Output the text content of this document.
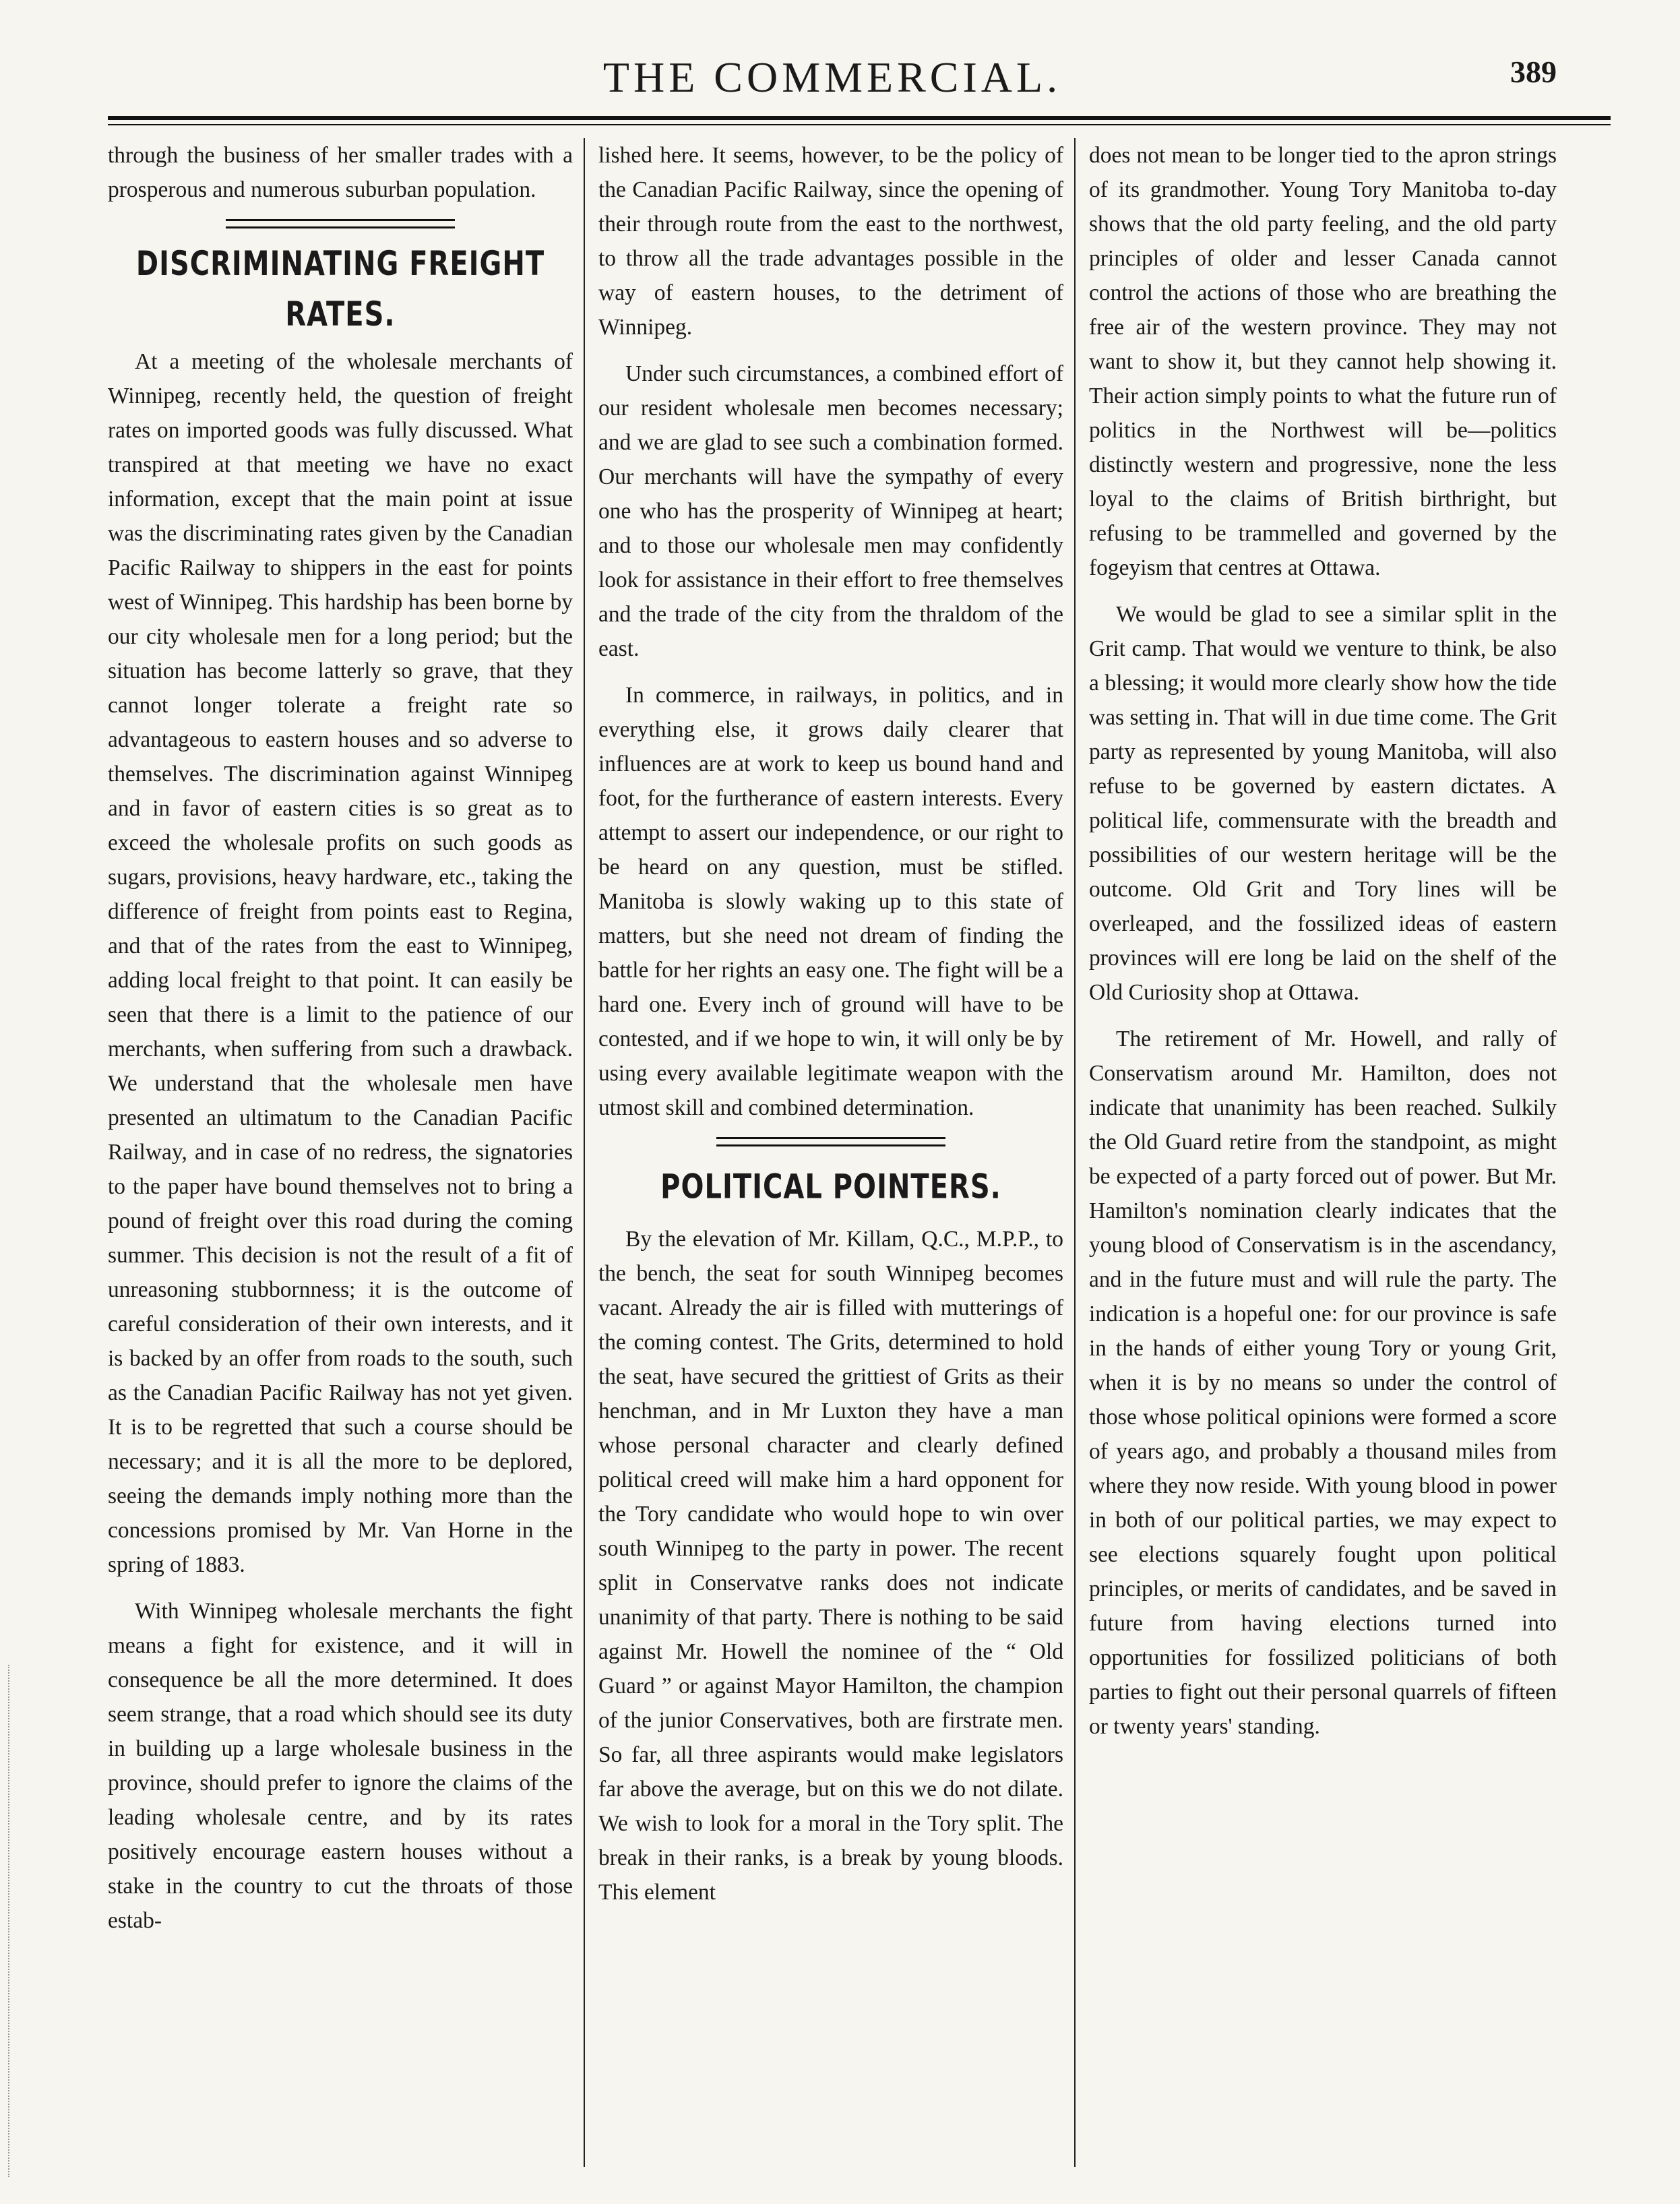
THE COMMERCIAL.	389

through the business of her smaller trades with a prosperous and numerous suburban population.

DISCRIMINATING FREIGHT RATES.

At a meeting of the wholesale merchants of Winnipeg, recently held, the question of freight rates on imported goods was fully discussed. What transpired at that meeting we have no exact information, except that the main point at issue was the discriminating rates given by the Canadian Pacific Railway to shippers in the east for points west of Winnipeg. This hardship has been borne by our city wholesale men for a long period; but the situation has become latterly so grave, that they cannot longer tolerate a freight rate so advantageous to eastern houses and so adverse to themselves. The discrimination against Winnipeg and in favor of eastern cities is so great as to exceed the wholesale profits on such goods as sugars, provisions, heavy hardware, etc., taking the difference of freight from points east to Regina, and that of the rates from the east to Winnipeg, adding local freight to that point. It can easily be seen that there is a limit to the patience of our merchants, when suffering from such a drawback. We understand that the wholesale men have presented an ultimatum to the Canadian Pacific Railway, and in case of no redress, the signatories to the paper have bound themselves not to bring a pound of freight over this road during the coming summer. This decision is not the result of a fit of unreasoning stubbornness; it is the outcome of careful consideration of their own interests, and it is backed by an offer from roads to the south, such as the Canadian Pacific Railway has not yet given. It is to be regretted that such a course should be necessary; and it is all the more to be deplored, seeing the demands imply nothing more than the concessions promised by Mr. Van Horne in the spring of 1883.

With Winnipeg wholesale merchants the fight means a fight for existence, and it will in consequence be all the more determined. It does seem strange, that a road which should see its duty in building up a large wholesale business in the province, should prefer to ignore the claims of the leading wholesale centre, and by its rates positively encourage eastern houses without a stake in the country to cut the throats of those estab-

lished here. It seems, however, to be the policy of the Canadian Pacific Railway, since the opening of their through route from the east to the northwest, to throw all the trade advantages possible in the way of eastern houses, to the detriment of Winnipeg.

Under such circumstances, a combined effort of our resident wholesale men becomes necessary; and we are glad to see such a combination formed. Our merchants will have the sympathy of every one who has the prosperity of Winnipeg at heart; and to those our wholesale men may confidently look for assistance in their effort to free themselves and the trade of the city from the thraldom of the east.

In commerce, in railways, in politics, and in everything else, it grows daily clearer that influences are at work to keep us bound hand and foot, for the furtherance of eastern interests. Every attempt to assert our independence, or our right to be heard on any question, must be stifled. Manitoba is slowly waking up to this state of matters, but she need not dream of finding the battle for her rights an easy one. The fight will be a hard one. Every inch of ground will have to be contested, and if we hope to win, it will only be by using every available legitimate weapon with the utmost skill and combined determination.

POLITICAL POINTERS.

By the elevation of Mr. Killam, Q.C., M.P.P., to the bench, the seat for south Winnipeg becomes vacant. Already the air is filled with mutterings of the coming contest. The Grits, determined to hold the seat, have secured the grittiest of Grits as their henchman, and in Mr Luxton they have a man whose personal character and clearly defined political creed will make him a hard opponent for the Tory candidate who would hope to win over south Winnipeg to the party in power. The recent split in Conservatve ranks does not indicate unanimity of that party. There is nothing to be said against Mr. Howell the nominee of the “ Old Guard ” or against Mayor Hamilton, the champion of the junior Conservatives, both are firstrate men. So far, all three aspirants would make legislators far above the average, but on this we do not dilate. We wish to look for a moral in the Tory split. The break in their ranks, is a break by young bloods. This element

does not mean to be longer tied to the apron strings of its grandmother. Young Tory Manitoba to-day shows that the old party feeling, and the old party principles of older and lesser Canada cannot control the actions of those who are breathing the free air of the western province. They may not want to show it, but they cannot help showing it. Their action simply points to what the future run of politics in the Northwest will be—politics distinctly western and progressive, none the less loyal to the claims of British birthright, but refusing to be trammelled and governed by the fogeyism that centres at Ottawa.

We would be glad to see a similar split in the Grit camp. That would we venture to think, be also a blessing; it would more clearly show how the tide was setting in. That will in due time come. The Grit party as represented by young Manitoba, will also refuse to be governed by eastern dictates. A political life, commensurate with the breadth and possibilities of our western heritage will be the outcome. Old Grit and Tory lines will be overleaped, and the fossilized ideas of eastern provinces will ere long be laid on the shelf of the Old Curiosity shop at Ottawa.

The retirement of Mr. Howell, and rally of Conservatism around Mr. Hamilton, does not indicate that unanimity has been reached. Sulkily the Old Guard retire from the standpoint, as might be expected of a party forced out of power. But Mr. Hamilton's nomination clearly indicates that the young blood of Conservatism is in the ascendancy, and in the future must and will rule the party. The indication is a hopeful one: for our province is safe in the hands of either young Tory or young Grit, when it is by no means so under the control of those whose political opinions were formed a score of years ago, and probably a thousand miles from where they now reside. With young blood in power in both of our political parties, we may expect to see elections squarely fought upon political principles, or merits of candidates, and be saved in future from having elections turned into opportunities for fossilized politicians of both parties to fight out their personal quarrels of fifteen or twenty years' standing.
